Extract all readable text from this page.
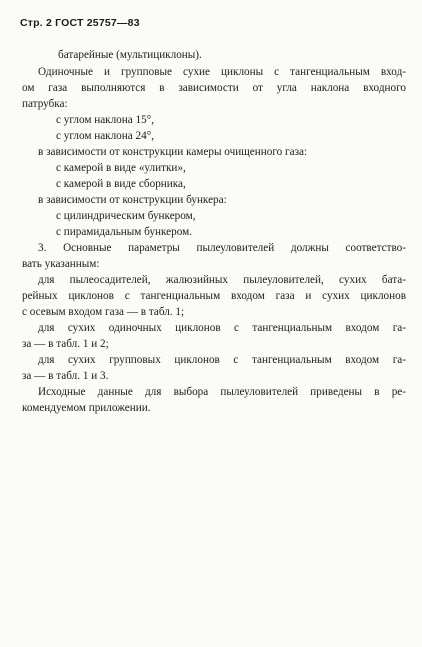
Стр. 2 ГОСТ 25757—83
батарейные (мультициклоны).
Одиночные и групповые сухие циклоны с тангенциальным вход-
ом газа выполняются в зависимости от угла наклона входного
патрубка:
с углом наклона 15°,
с углом наклона 24°,
в зависимости от конструкции камеры очищенного газа:
с камерой в виде «улитки»,
с камерой в виде сборника,
в зависимости от конструкции бункера:
с цилиндрическим бункером,
с пирамидальным бункером.
3. Основные параметры пылеуловителей должны соответство-
вать указанным:
для пылеосадителей, жалюзийных пылеуловителей, сухих бата-
рейных циклонов с тангенциальным входом газа и сухих циклонов
с осевым входом газа — в табл. 1;
для сухих одиночных циклонов с тангенциальным входом га-
за — в табл. 1 и 2;
для сухих групповых циклонов с тангенциальным входом га-
за — в табл. 1 и 3.
Исходные данные для выбора пылеуловителей приведены в ре-
комендуемом приложении.
